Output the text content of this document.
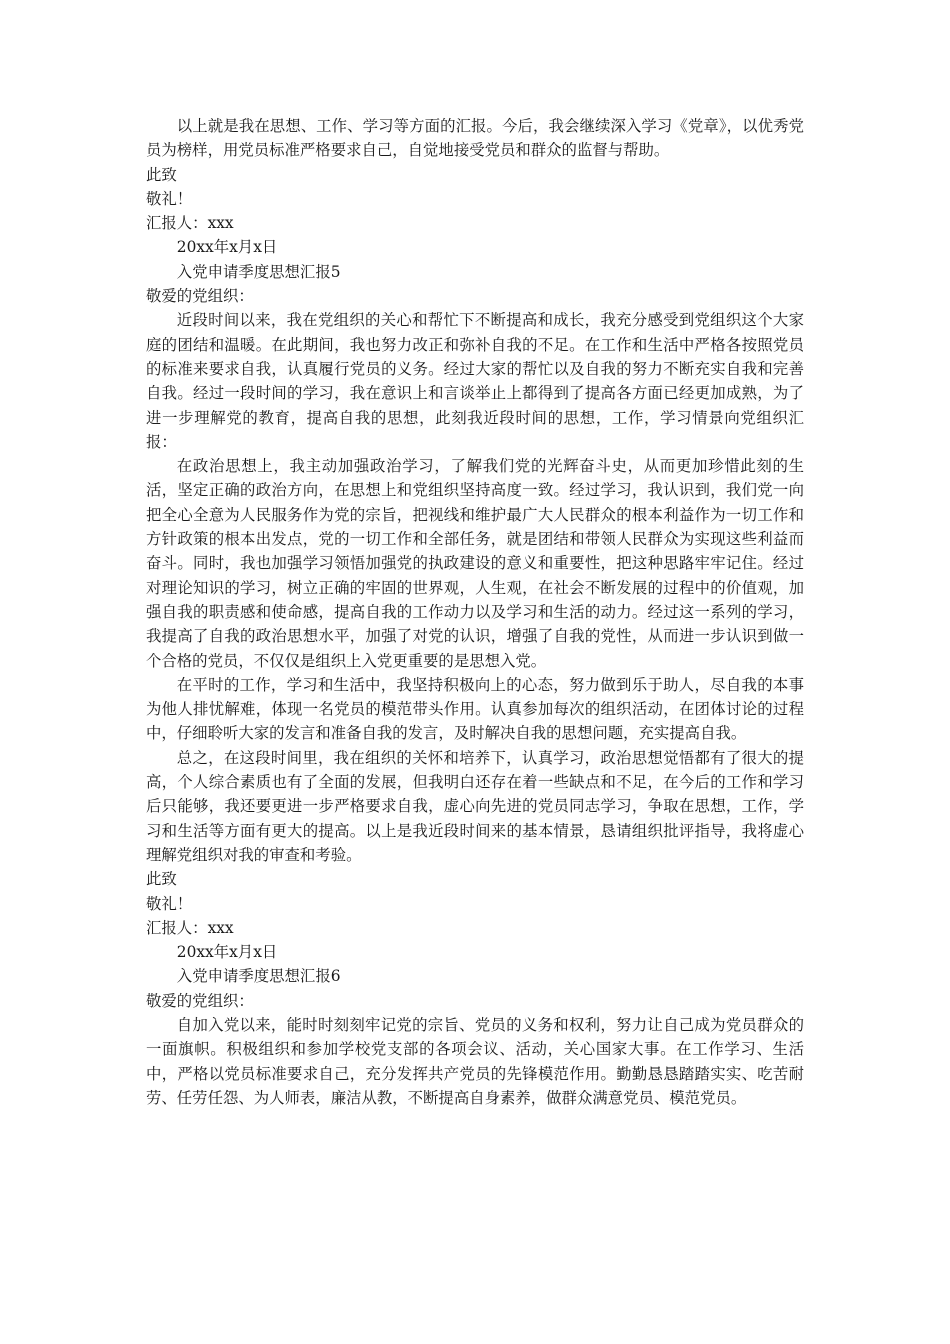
以上就是我在思想、工作、学习等方面的汇报。今后，我会继续深入学习《党章》，以优秀党员为榜样，用党员标准严格要求自己，自觉地接受党员和群众的监督与帮助。

此致

敬礼！

汇报人：xxx

20xx年x月x日

入党申请季度思想汇报5

敬爱的党组织：

近段时间以来，我在党组织的关心和帮忙下不断提高和成长，我充分感受到党组织这个大家庭的团结和温暖。在此期间，我也努力改正和弥补自我的不足。在工作和生活中严格各按照党员的标准来要求自我，认真履行党员的义务。经过大家的帮忙以及自我的努力不断充实自我和完善自我。经过一段时间的学习，我在意识上和言谈举止上都得到了提高各方面已经更加成熟，为了进一步理解党的教育，提高自我的思想，此刻我近段时间的思想，工作，学习情景向党组织汇报：

在政治思想上，我主动加强政治学习，了解我们党的光辉奋斗史，从而更加珍惜此刻的生活，坚定正确的政治方向，在思想上和党组织坚持高度一致。经过学习，我认识到，我们党一向把全心全意为人民服务作为党的宗旨，把视线和维护最广大人民群众的根本利益作为一切工作和方针政策的根本出发点，党的一切工作和全部任务，就是团结和带领人民群众为实现这些利益而奋斗。同时，我也加强学习领悟加强党的执政建设的意义和重要性，把这种思路牢牢记住。经过对理论知识的学习，树立正确的牢固的世界观，人生观，在社会不断发展的过程中的价值观，加强自我的职责感和使命感，提高自我的工作动力以及学习和生活的动力。经过这一系列的学习，我提高了自我的政治思想水平，加强了对党的认识，增强了自我的党性，从而进一步认识到做一个合格的党员，不仅仅是组织上入党更重要的是思想入党。

在平时的工作，学习和生活中，我坚持积极向上的心态，努力做到乐于助人，尽自我的本事为他人排忧解难，体现一名党员的模范带头作用。认真参加每次的组织活动，在团体讨论的过程中，仔细聆听大家的发言和准备自我的发言，及时解决自我的思想问题，充实提高自我。

总之，在这段时间里，我在组织的关怀和培养下，认真学习，政治思想觉悟都有了很大的提高，个人综合素质也有了全面的发展，但我明白还存在着一些缺点和不足，在今后的工作和学习后只能够，我还要更进一步严格要求自我，虚心向先进的党员同志学习，争取在思想，工作，学习和生活等方面有更大的提高。以上是我近段时间来的基本情景，恳请组织批评指导，我将虚心理解党组织对我的审查和考验。

此致

敬礼！

汇报人：xxx

20xx年x月x日

入党申请季度思想汇报6

敬爱的党组织：

自加入党以来，能时时刻刻牢记党的宗旨、党员的义务和权利，努力让自己成为党员群众的一面旗帜。积极组织和参加学校党支部的各项会议、活动，关心国家大事。在工作学习、生活中，严格以党员标准要求自己，充分发挥共产党员的先锋模范作用。勤勤恳恳踏踏实实、吃苦耐劳、任劳任怨、为人师表，廉洁从教，不断提高自身素养，做群众满意党员、模范党员。
